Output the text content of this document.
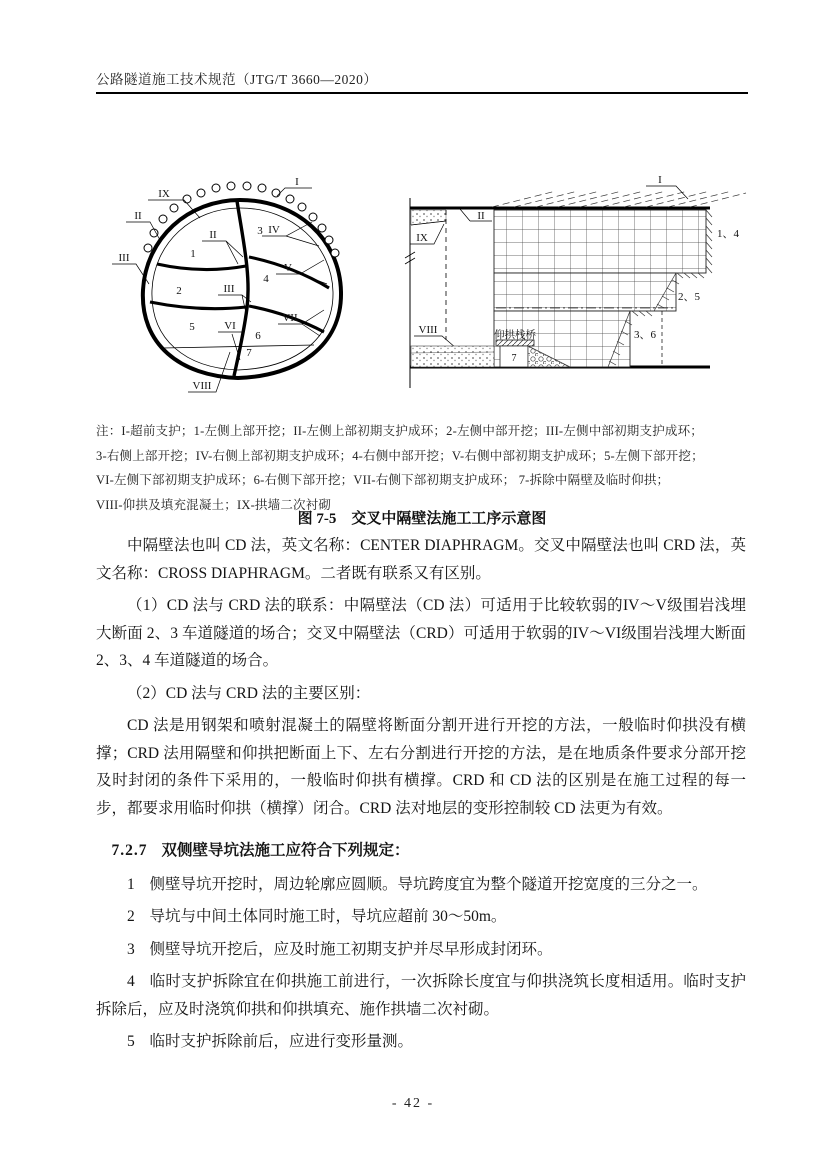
公路隧道施工技术规范（JTG/T 3660—2020）
IX
II
III
I
VIII
II	IV
V
III
VI
VII
1
2
3
4
5
6
7
I
II
IX
VIII	仰拱栈桥
7
1、4
2、5
3、6
注：I-超前支护；1-左侧上部开挖；II-左侧上部初期支护成环；2-左侧中部开挖；III-左侧中部初期支护成环；
3-右侧上部开挖；IV-右侧上部初期支护成环；4-右侧中部开挖；V-右侧中部初期支护成环；5-左侧下部开挖；
VI-左侧下部初期支护成环；6-右侧下部开挖；VII-右侧下部初期支护成环； 7-拆除中隔壁及临时仰拱；
VIII-仰拱及填充混凝土；IX-拱墙二次衬砌
图 7-5　交叉中隔壁法施工工序示意图

中隔壁法也叫 CD 法，英文名称：CENTER DIAPHRAGM。交叉中隔壁法也叫 CRD 法，英文名称：CROSS DIAPHRAGM。二者既有联系又有区别。

（1）CD 法与 CRD 法的联系：中隔壁法（CD 法）可适用于比较软弱的IV～V级围岩浅埋大断面 2、3 车道隧道的场合；交叉中隔壁法（CRD）可适用于软弱的IV～VI级围岩浅埋大断面 2、3、4 车道隧道的场合。

（2）CD 法与 CRD 法的主要区别：

CD 法是用钢架和喷射混凝土的隔壁将断面分割开进行开挖的方法，一般临时仰拱没有横撑；CRD 法用隔壁和仰拱把断面上下、左右分割进行开挖的方法，是在地质条件要求分部开挖及时封闭的条件下采用的，一般临时仰拱有横撑。CRD 和 CD 法的区别是在施工过程的每一步，都要求用临时仰拱（横撑）闭合。CRD 法对地层的变形控制较 CD 法更为有效。

7.2.7 双侧壁导坑法施工应符合下列规定：

1 侧壁导坑开挖时，周边轮廓应圆顺。导坑跨度宜为整个隧道开挖宽度的三分之一。

2 导坑与中间土体同时施工时，导坑应超前 30～50m。

3 侧壁导坑开挖后，应及时施工初期支护并尽早形成封闭环。

4 临时支护拆除宜在仰拱施工前进行，一次拆除长度宜与仰拱浇筑长度相适用。临时支护拆除后，应及时浇筑仰拱和仰拱填充、施作拱墙二次衬砌。

5 临时支护拆除前后，应进行变形量测。

- 42 -
